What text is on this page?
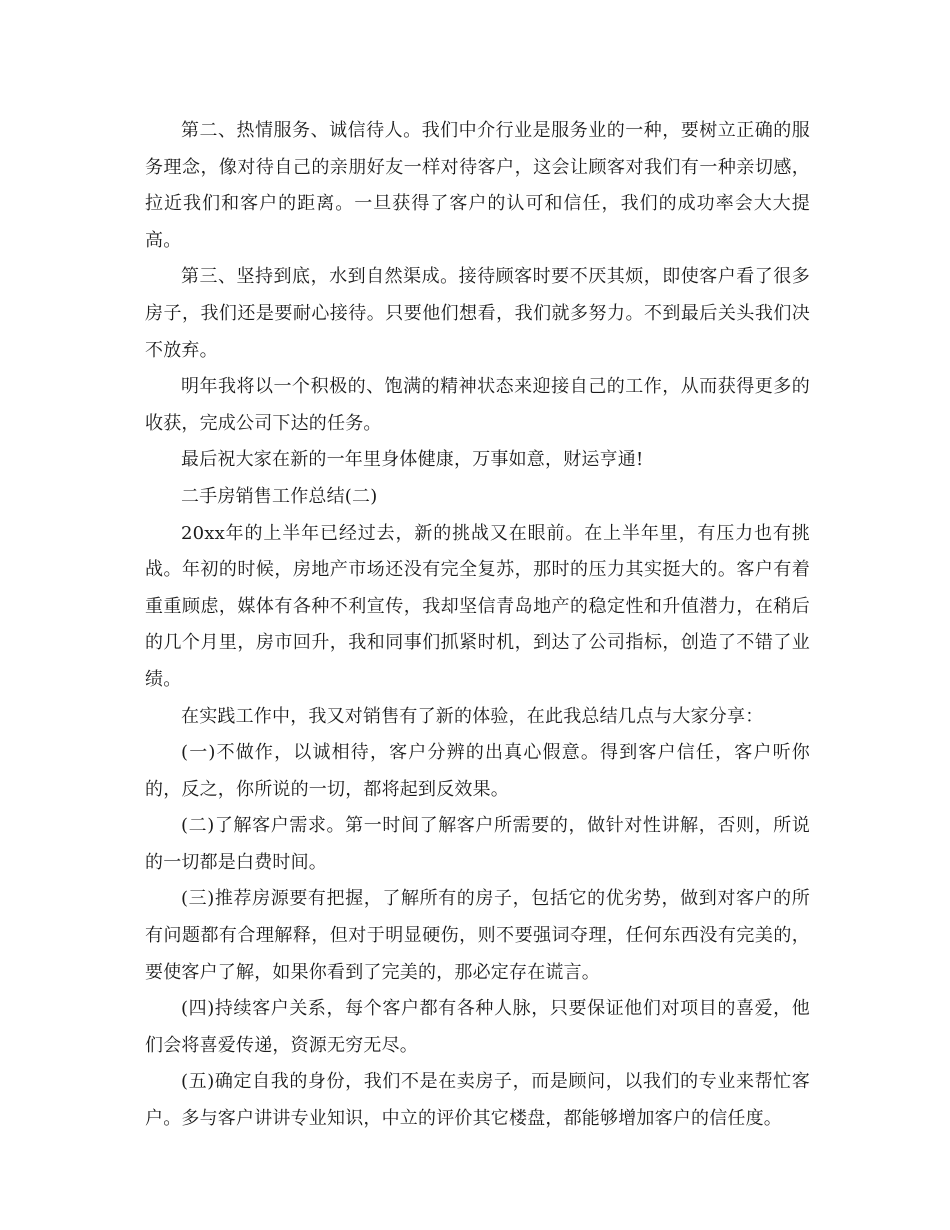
第二、热情服务、诚信待人。我们中介行业是服务业的一种，要树立正确的服务理念，像对待自己的亲朋好友一样对待客户，这会让顾客对我们有一种亲切感，拉近我们和客户的距离。一旦获得了客户的认可和信任，我们的成功率会大大提高。

第三、坚持到底，水到自然渠成。接待顾客时要不厌其烦，即使客户看了很多房子，我们还是要耐心接待。只要他们想看，我们就多努力。不到最后关头我们决不放弃。

明年我将以一个积极的、饱满的精神状态来迎接自己的工作，从而获得更多的收获，完成公司下达的任务。

最后祝大家在新的一年里身体健康，万事如意，财运亨通!

二手房销售工作总结(二)

20xx年的上半年已经过去，新的挑战又在眼前。在上半年里，有压力也有挑战。年初的时候，房地产市场还没有完全复苏，那时的压力其实挺大的。客户有着重重顾虑，媒体有各种不利宣传，我却坚信青岛地产的稳定性和升值潜力，在稍后的几个月里，房市回升，我和同事们抓紧时机，到达了公司指标，创造了不错了业绩。

在实践工作中，我又对销售有了新的体验，在此我总结几点与大家分享：

(一)不做作，以诚相待，客户分辨的出真心假意。得到客户信任，客户听你的，反之，你所说的一切，都将起到反效果。

(二)了解客户需求。第一时间了解客户所需要的，做针对性讲解，否则，所说的一切都是白费时间。

(三)推荐房源要有把握，了解所有的房子，包括它的优劣势，做到对客户的所有问题都有合理解释，但对于明显硬伤，则不要强词夺理，任何东西没有完美的，要使客户了解，如果你看到了完美的，那必定存在谎言。

(四)持续客户关系，每个客户都有各种人脉，只要保证他们对项目的喜爱，他们会将喜爱传递，资源无穷无尽。

(五)确定自我的身份，我们不是在卖房子，而是顾问，以我们的专业来帮忙客户。多与客户讲讲专业知识，中立的评价其它楼盘，都能够增加客户的信任度。
